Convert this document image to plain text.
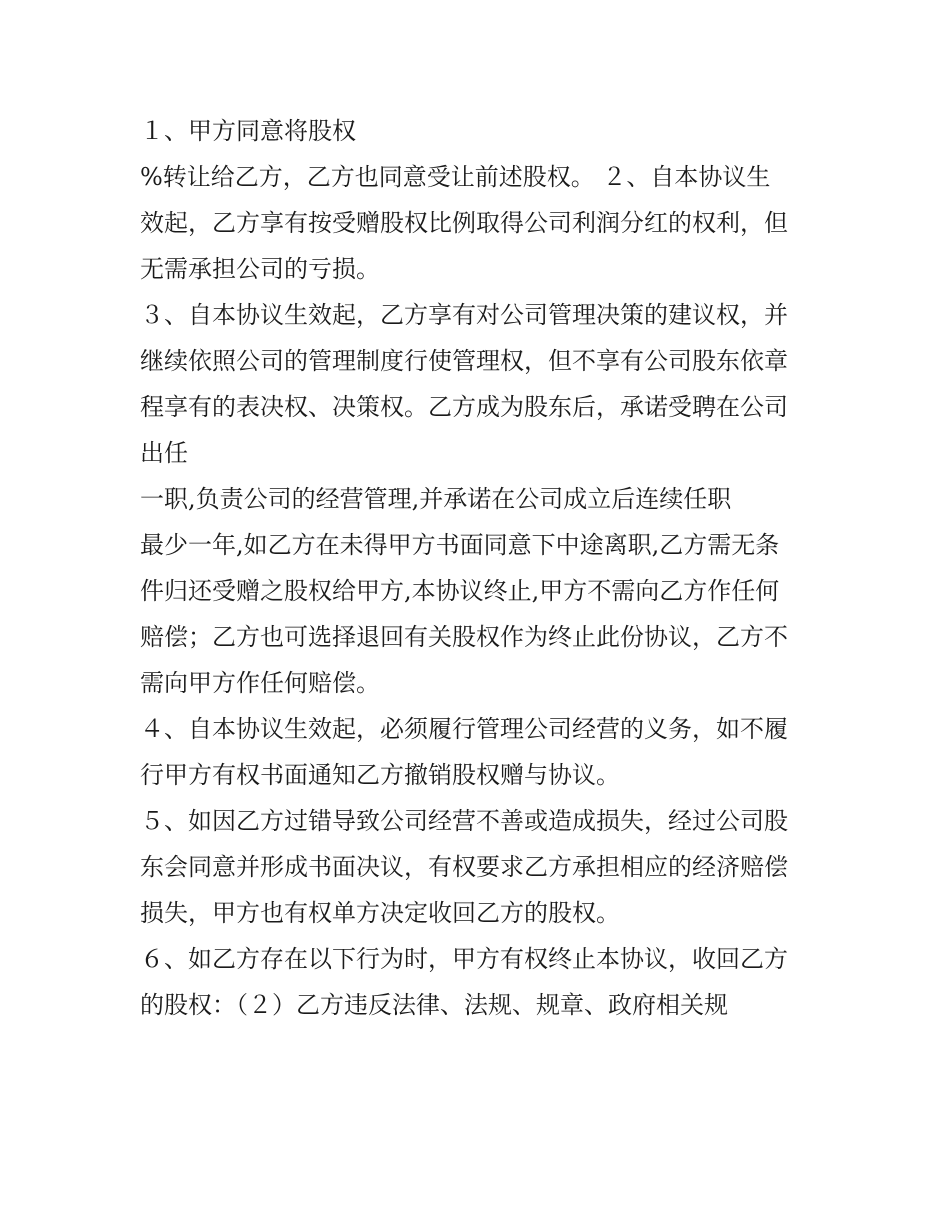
１、甲方同意将股权
%转让给乙方，乙方也同意受让前述股权。 ２、自本协议生
效起，乙方享有按受赠股权比例取得公司利润分红的权利，但
无需承担公司的亏损。
３、自本协议生效起，乙方享有对公司管理决策的建议权，并
继续依照公司的管理制度行使管理权，但不享有公司股东依章
程享有的表决权、决策权。乙方成为股东后，承诺受聘在公司
出任
一职,负责公司的经营管理,并承诺在公司成立后连续任职
最少一年,如乙方在未得甲方书面同意下中途离职,乙方需无条
件归还受赠之股权给甲方,本协议终止,甲方不需向乙方作任何
赔偿；乙方也可选择退回有关股权作为终止此份协议，乙方不
需向甲方作任何赔偿。
４、自本协议生效起，必须履行管理公司经营的义务，如不履
行甲方有权书面通知乙方撤销股权赠与协议。
５、如因乙方过错导致公司经营不善或造成损失，经过公司股
东会同意并形成书面决议，有权要求乙方承担相应的经济赔偿
损失，甲方也有权单方决定收回乙方的股权。
６、如乙方存在以下行为时，甲方有权终止本协议，收回乙方
的股权：（２）乙方违反法律、法规、规章、政府相关规
